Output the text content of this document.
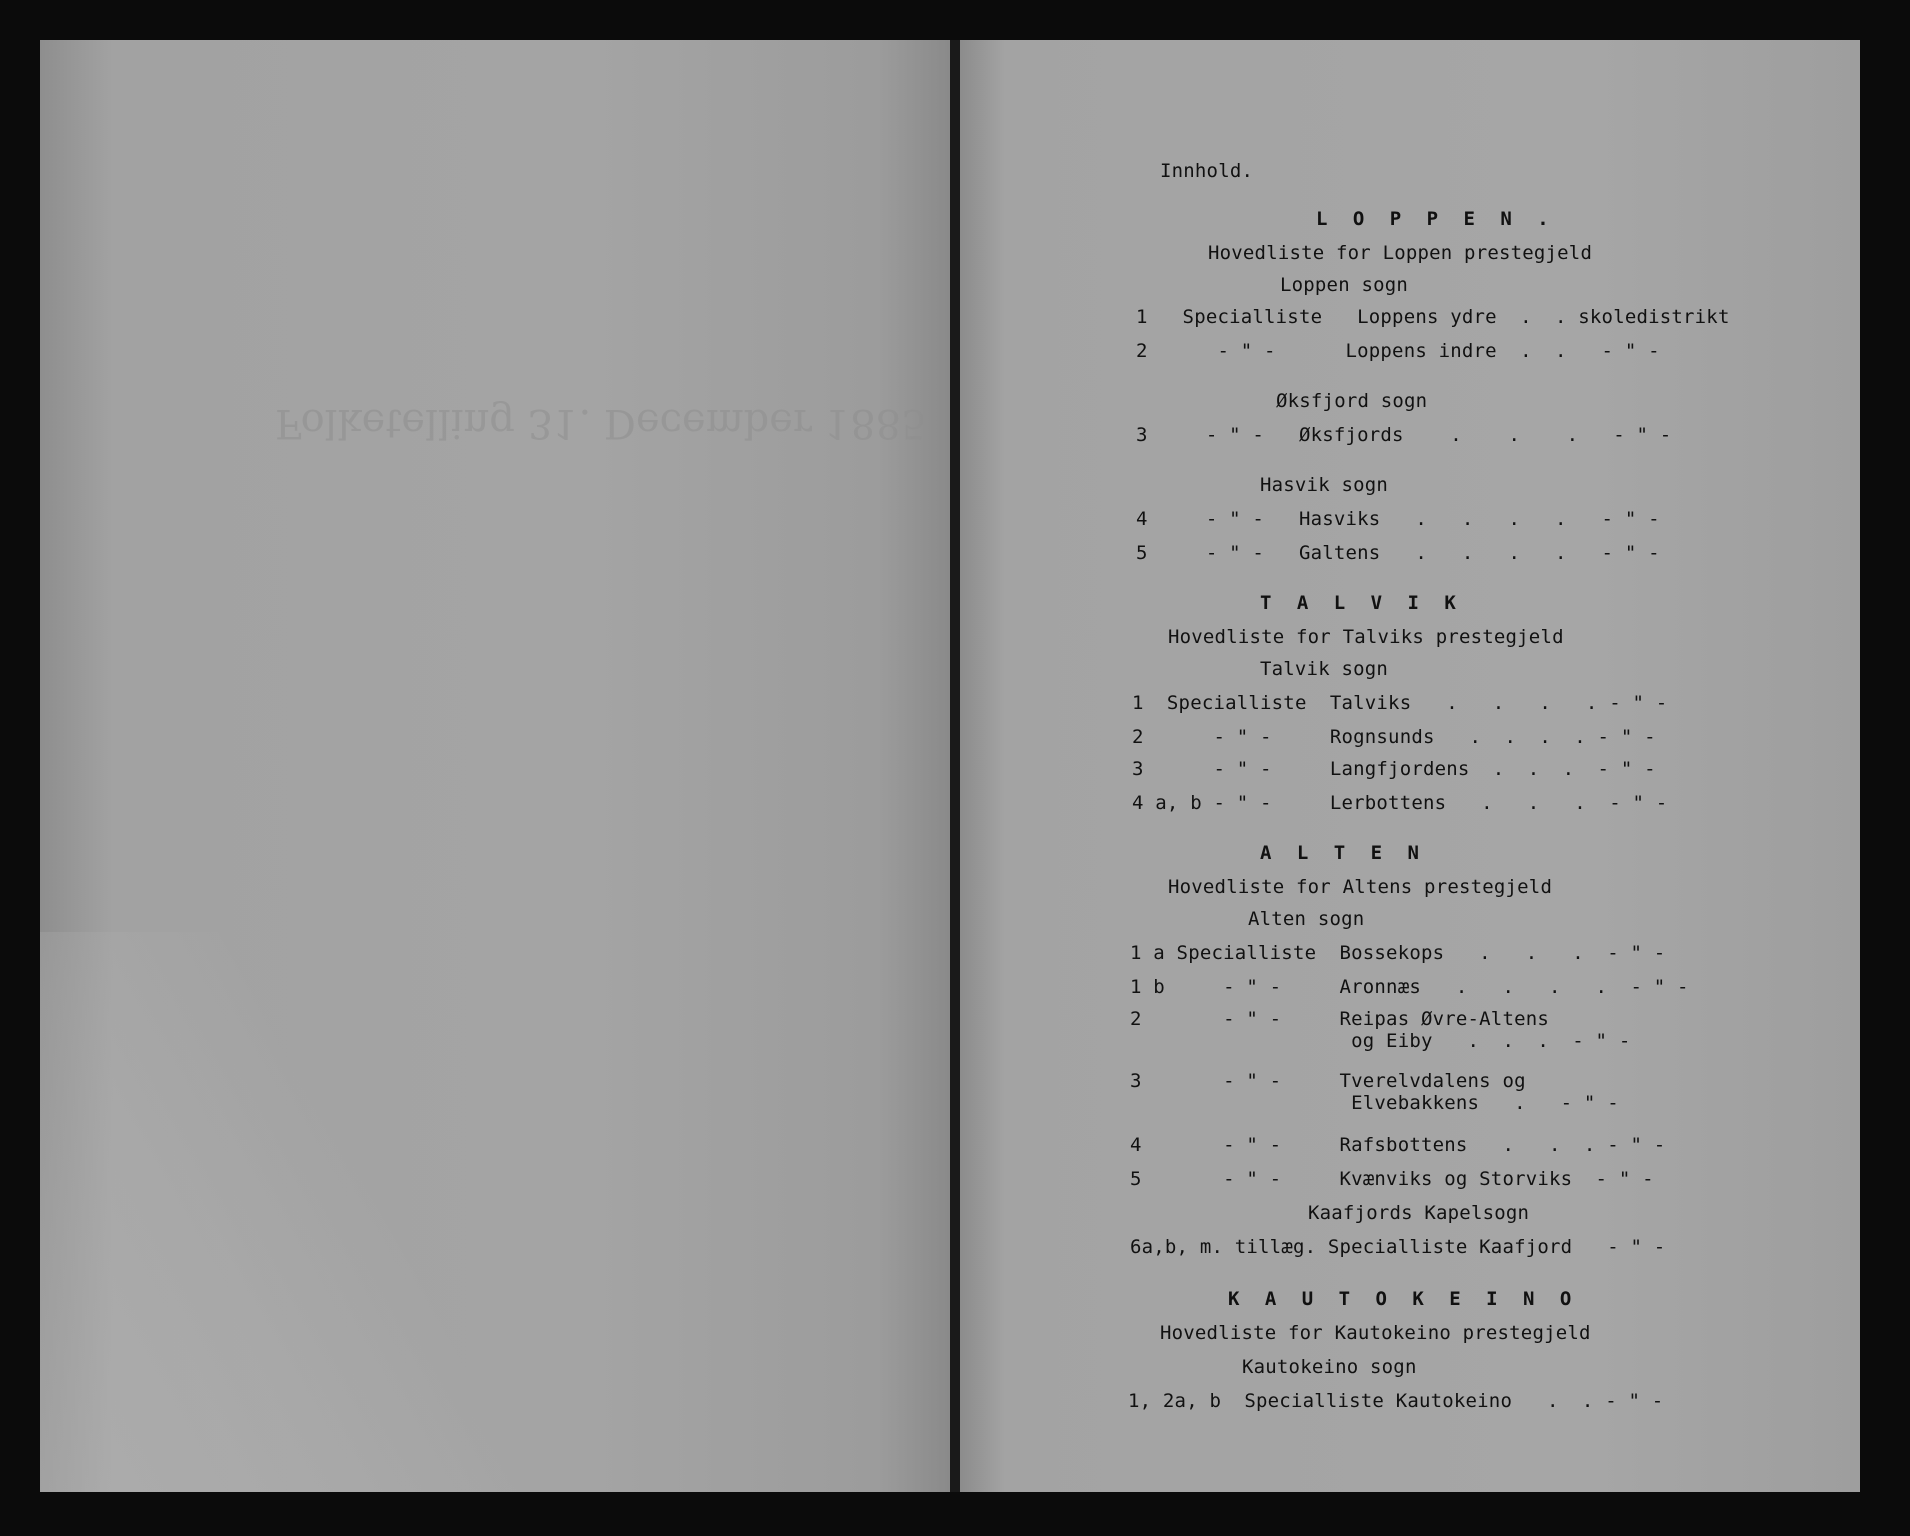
Folketelling 31. December 1885
Innhold.
L O P P E N .
Hovedliste for Loppen prestegjeld
Loppen sogn
1   Specialliste   Loppens ydre  .  . skoledistrikt
2      - " -      Loppens indre  .  .   - " -
Øksfjord sogn
3     - " -   Øksfjords    .    .    .   - " -
Hasvik sogn
4     - " -   Hasviks   .   .   .   .   - " -
5     - " -   Galtens   .   .   .   .   - " -
T A L V I K
Hovedliste for Talviks prestegjeld
Talvik sogn
1  Specialliste  Talviks   .   .   .   . - " -
2      - " -     Rognsunds   .  .  .  . - " -
3      - " -     Langfjordens  .  .  .  - " -
4 a, b - " -     Lerbottens   .   .   .  - " -
A L T E N
Hovedliste for Altens prestegjeld
Alten sogn
1 a Specialliste  Bossekops   .   .   .  - " -
1 b     - " -     Aronnæs   .   .   .   .  - " -
2       - " -     Reipas Øvre-Altens
og Eiby   .  .  .  - " -
3       - " -     Tverelvdalens og
Elvebakkens   .   - " -
4       - " -     Rafsbottens   .   .  . - " -
5       - " -     Kvænviks og Storviks  - " -
Kaafjords Kapelsogn
6a,b, m. tillæg. Specialliste Kaafjord   - " -
K A U T O K E I N O
Hovedliste for Kautokeino prestegjeld
Kautokeino sogn
1, 2a, b  Specialliste Kautokeino   .  . - " -
